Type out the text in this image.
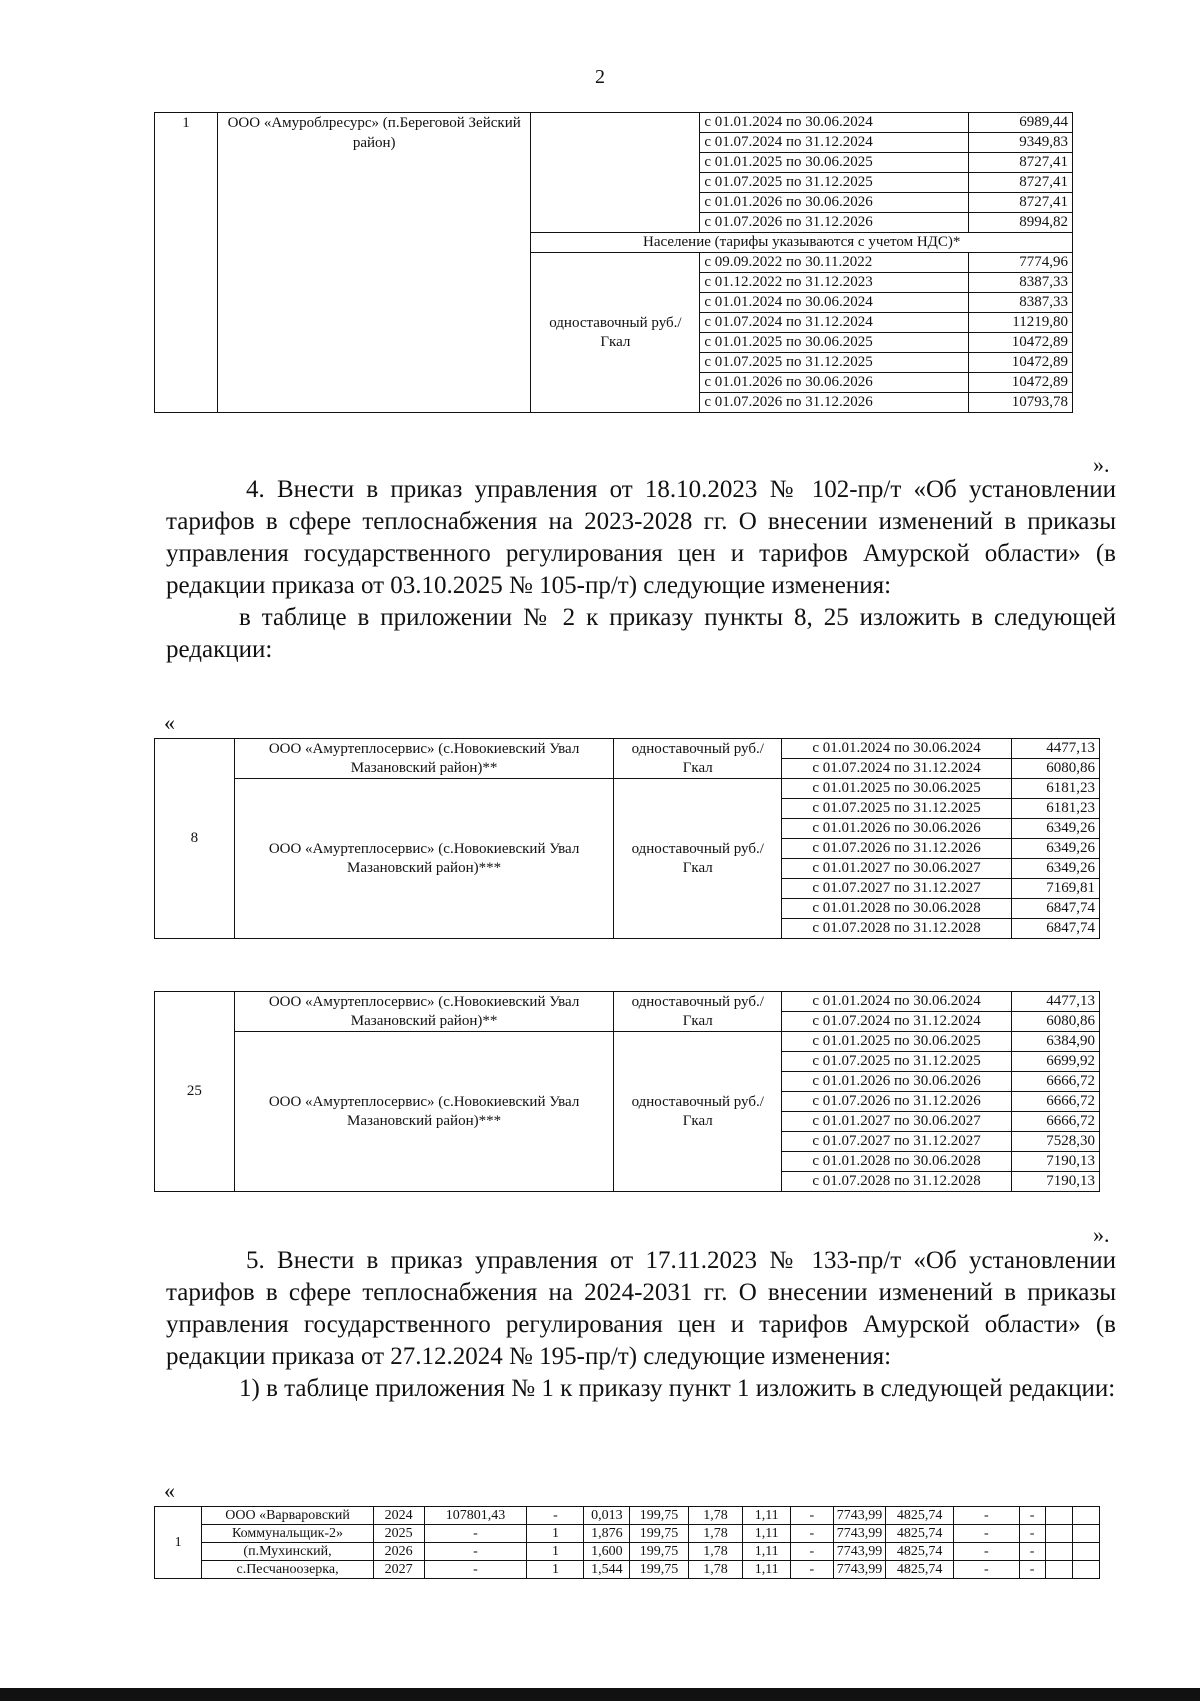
2
1	ООО «Амуроблресурс» (п.Береговой Зейский район)		с 01.01.2024 по 30.06.2024	6989,44	
			с 01.07.2024 по 31.12.2024	9349,83	
			с 01.01.2025 по 30.06.2025	8727,41	
			с 01.07.2025 по 31.12.2025	8727,41	
			с 01.01.2026 по 30.06.2026	8727,41	
			с 01.07.2026 по 31.12.2026	8994,82	
		Население (тарифы указываются с учетом НДС)*			
		одноставочный руб./Гкал	с 09.09.2022 по 30.11.2022	7774,96	
			с 01.12.2022 по 31.12.2023	8387,33	
			с 01.01.2024 по 30.06.2024	8387,33	
			с 01.07.2024 по 31.12.2024	11219,80	
			с 01.01.2025 по 30.06.2025	10472,89	
			с 01.07.2025 по 31.12.2025	10472,89	
			с 01.01.2026 по 30.06.2026	10472,89	
			с 01.07.2026 по 31.12.2026	10793,78	
».
4. Внести в приказ управления от 18.10.2023 № 102-пр/т «Об установлении тарифов в сфере теплоснабжения на 2023-2028 гг. О внесении изменений в приказы управления государственного регулирования цен и тарифов Амурской области» (в редакции приказа от 03.10.2025 № 105-пр/т) следующие изменения:
в таблице в приложении № 2 к приказу пункты 8, 25 изложить в следующей редакции:
«
8	ООО «Амуртеплосервис» (с.Новокиевский Увал Мазановский район)**	одноставочный руб./Гкал	с 01.01.2024 по 30.06.2024	4477,13
			с 01.07.2024 по 31.12.2024	6080,86
	ООО «Амуртеплосервис» (с.Новокиевский Увал Мазановский район)***	одноставочный руб./Гкал	с 01.01.2025 по 30.06.2025	6181,23
			с 01.07.2025 по 31.12.2025	6181,23
			с 01.01.2026 по 30.06.2026	6349,26
			с 01.07.2026 по 31.12.2026	6349,26
			с 01.01.2027 по 30.06.2027	6349,26
			с 01.07.2027 по 31.12.2027	7169,81
			с 01.01.2028 по 30.06.2028	6847,74
			с 01.07.2028 по 31.12.2028	6847,74
25	ООО «Амуртеплосервис» (с.Новокиевский Увал Мазановский район)**	одноставочный руб./Гкал	с 01.01.2024 по 30.06.2024	4477,13
			с 01.07.2024 по 31.12.2024	6080,86
	ООО «Амуртеплосервис» (с.Новокиевский Увал Мазановский район)***	одноставочный руб./Гкал	с 01.01.2025 по 30.06.2025	6384,90
			с 01.07.2025 по 31.12.2025	6699,92
			с 01.01.2026 по 30.06.2026	6666,72
			с 01.07.2026 по 31.12.2026	6666,72
			с 01.01.2027 по 30.06.2027	6666,72
			с 01.07.2027 по 31.12.2027	7528,30
			с 01.01.2028 по 30.06.2028	7190,13
			с 01.07.2028 по 31.12.2028	7190,13
».
5. Внести в приказ управления от 17.11.2023 № 133-пр/т «Об установлении тарифов в сфере теплоснабжения на 2024-2031 гг. О внесении изменений в приказы управления государственного регулирования цен и тарифов Амурской области» (в редакции приказа от 27.12.2024 № 195-пр/т) следующие изменения:
1) в таблице приложения № 1 к приказу пункт 1 изложить в следующей редакции:
«
1	ООО «Варваровский	2024	107801,43	-	0,013	199,75	1,78	1,11	-	7743,99	4825,74	-	-		
	Коммунальщик-2»	2025	-	1	1,876	199,75	1,78	1,11	-	7743,99	4825,74	-	-		
	(п.Мухинский,	2026	-	1	1,600	199,75	1,78	1,11	-	7743,99	4825,74	-	-		
	с.Песчаноозерка,	2027	-	1	1,544	199,75	1,78	1,11	-	7743,99	4825,74	-	-		
